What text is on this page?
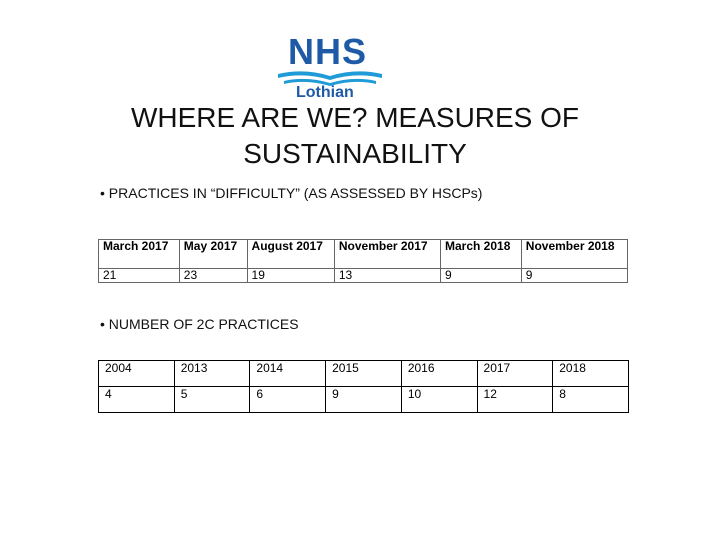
NHS
Lothian
WHERE ARE WE? MEASURES OF SUSTAINABILITY
• PRACTICES IN “DIFFICULTY” (AS ASSESSED BY HSCPs)
March 2017	May 2017	August 2017	November 2017	March 2018	November 2018
21	23	19	13	9	9
• NUMBER OF 2C PRACTICES
2004	2013	2014	2015	2016	2017	2018
4	5	6	9	10	12	8
